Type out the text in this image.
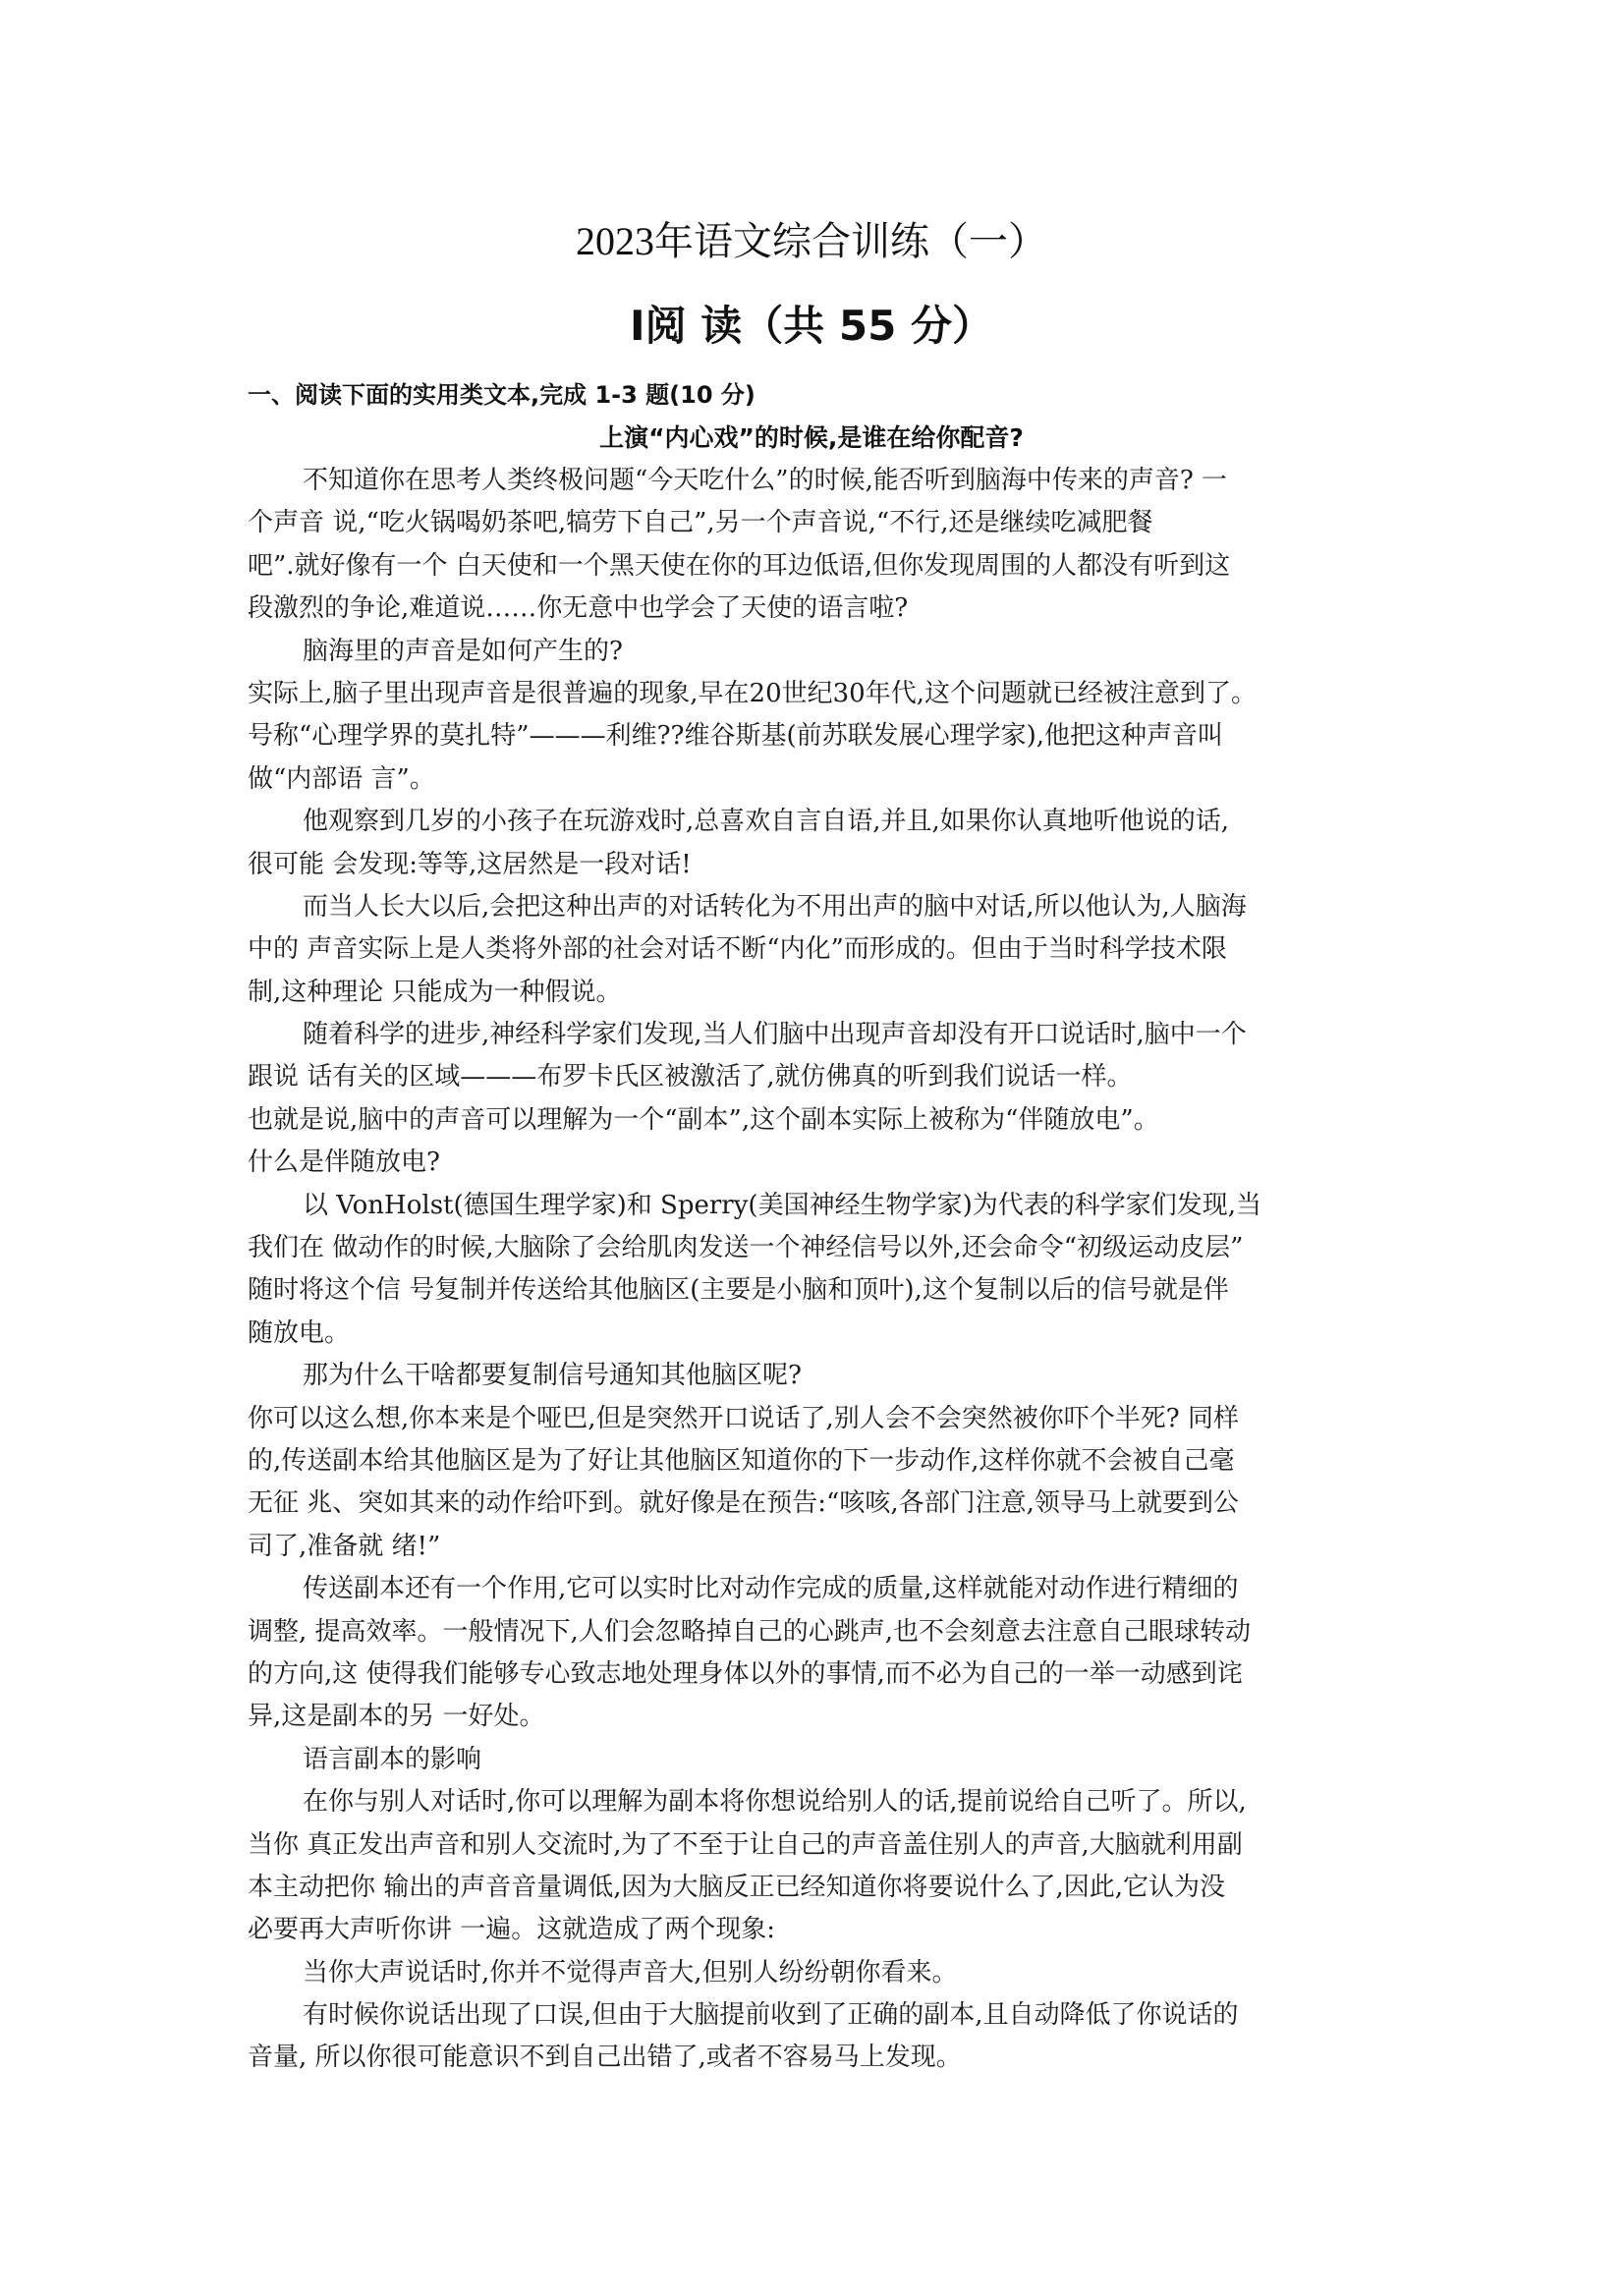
2023年语文综合训练（一）
Ⅰ阅 读（共 55 分）
一、阅读下面的实用类文本,完成 1-3 题(10 分)
上演“内心戏”的时候,是谁在给你配音?
不知道你在思考人类终极问题“今天吃什么”的时候,能否听到脑海中传来的声音? 一
个声音 说,“吃火锅喝奶茶吧,犒劳下自己”,另一个声音说,“不行,还是继续吃减肥餐
吧”.就好像有一个 白天使和一个黑天使在你的耳边低语,但你发现周围的人都没有听到这
段激烈的争论,难道说……你无意中也学会了天使的语言啦?
脑海里的声音是如何产生的?
实际上,脑子里出现声音是很普遍的现象,早在20世纪30年代,这个问题就已经被注意到了。
号称“心理学界的莫扎特”———利维??维谷斯基(前苏联发展心理学家),他把这种声音叫
做“内部语 言”。
他观察到几岁的小孩子在玩游戏时,总喜欢自言自语,并且,如果你认真地听他说的话,
很可能 会发现:等等,这居然是一段对话!
而当人长大以后,会把这种出声的对话转化为不用出声的脑中对话,所以他认为,人脑海
中的 声音实际上是人类将外部的社会对话不断“内化”而形成的。但由于当时科学技术限
制,这种理论 只能成为一种假说。
随着科学的进步,神经科学家们发现,当人们脑中出现声音却没有开口说话时,脑中一个
跟说 话有关的区域———布罗卡氏区被激活了,就仿佛真的听到我们说话一样。
也就是说,脑中的声音可以理解为一个“副本”,这个副本实际上被称为“伴随放电”。
什么是伴随放电?
以 VonHolst(德国生理学家)和 Sperry(美国神经生物学家)为代表的科学家们发现,当
我们在 做动作的时候,大脑除了会给肌肉发送一个神经信号以外,还会命令“初级运动皮层”
随时将这个信 号复制并传送给其他脑区(主要是小脑和顶叶),这个复制以后的信号就是伴
随放电。
那为什么干啥都要复制信号通知其他脑区呢?
你可以这么想,你本来是个哑巴,但是突然开口说话了,别人会不会突然被你吓个半死? 同样
的,传送副本给其他脑区是为了好让其他脑区知道你的下一步动作,这样你就不会被自己毫
无征 兆、突如其来的动作给吓到。就好像是在预告:“咳咳,各部门注意,领导马上就要到公
司了,准备就 绪!”
传送副本还有一个作用,它可以实时比对动作完成的质量,这样就能对动作进行精细的
调整, 提高效率。一般情况下,人们会忽略掉自己的心跳声,也不会刻意去注意自己眼球转动
的方向,这 使得我们能够专心致志地处理身体以外的事情,而不必为自己的一举一动感到诧
异,这是副本的另 一好处。
语言副本的影响
在你与别人对话时,你可以理解为副本将你想说给别人的话,提前说给自己听了。所以,
当你 真正发出声音和别人交流时,为了不至于让自己的声音盖住别人的声音,大脑就利用副
本主动把你 输出的声音音量调低,因为大脑反正已经知道你将要说什么了,因此,它认为没
必要再大声听你讲 一遍。这就造成了两个现象:
当你大声说话时,你并不觉得声音大,但别人纷纷朝你看来。
有时候你说话出现了口误,但由于大脑提前收到了正确的副本,且自动降低了你说话的
音量, 所以你很可能意识不到自己出错了,或者不容易马上发现。
